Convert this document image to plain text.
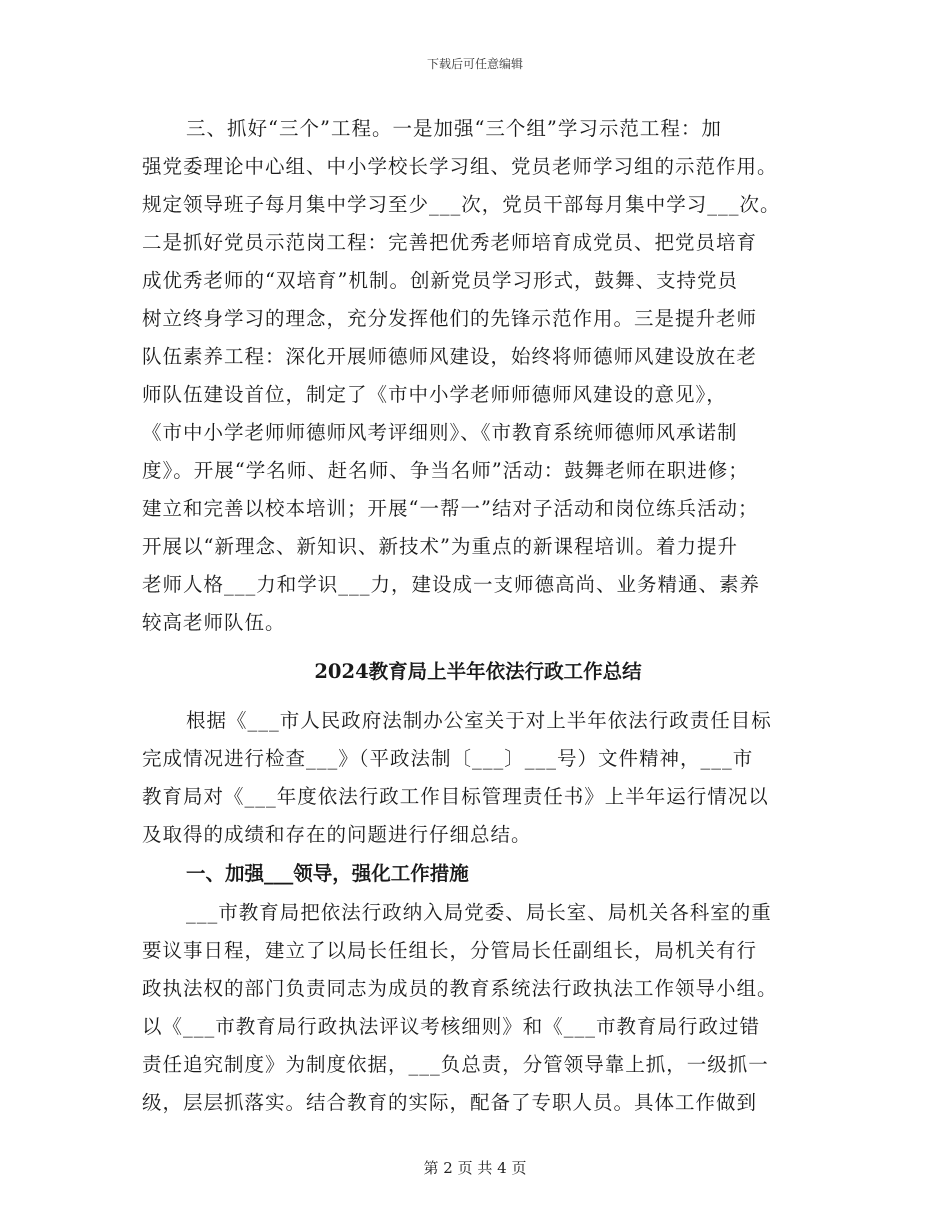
下载后可任意编辑
三、抓好“三个”工程。一是加强“三个组”学习示范工程：加
强党委理论中心组、中小学校长学习组、党员老师学习组的示范作用。
规定领导班子每月集中学习至少___次，党员干部每月集中学习___次。
二是抓好党员示范岗工程：完善把优秀老师培育成党员、把党员培育
成优秀老师的“双培育”机制。创新党员学习形式，鼓舞、支持党员
树立终身学习的理念，充分发挥他们的先锋示范作用。三是提升老师
队伍素养工程：深化开展师德师风建设，始终将师德师风建设放在老
师队伍建设首位，制定了《市中小学老师师德师风建设的意见》，
《市中小学老师师德师风考评细则》、《市教育系统师德师风承诺制
度》。开展“学名师、赶名师、争当名师”活动：鼓舞老师在职进修；
建立和完善以校本培训；开展“一帮一”结对子活动和岗位练兵活动；
开展以“新理念、新知识、新技术”为重点的新课程培训。着力提升
老师人格___力和学识___力，建设成一支师德高尚、业务精通、素养
较高老师队伍。
2024教育局上半年依法行政工作总结
根据《___市人民政府法制办公室关于对上半年依法行政责任目标
完成情况进行检查___》（平政法制〔___〕___号）文件精神，___市
教育局对《___年度依法行政工作目标管理责任书》上半年运行情况以
及取得的成绩和存在的问题进行仔细总结。
一、加强___领导，强化工作措施
___市教育局把依法行政纳入局党委、局长室、局机关各科室的重
要议事日程，建立了以局长任组长，分管局长任副组长，局机关有行
政执法权的部门负责同志为成员的教育系统法行政执法工作领导小组。
以《___市教育局行政执法评议考核细则》和《___市教育局行政过错
责任追究制度》为制度依据，___负总责，分管领导靠上抓，一级抓一
级，层层抓落实。结合教育的实际，配备了专职人员。具体工作做到
第 2 页 共 4 页
